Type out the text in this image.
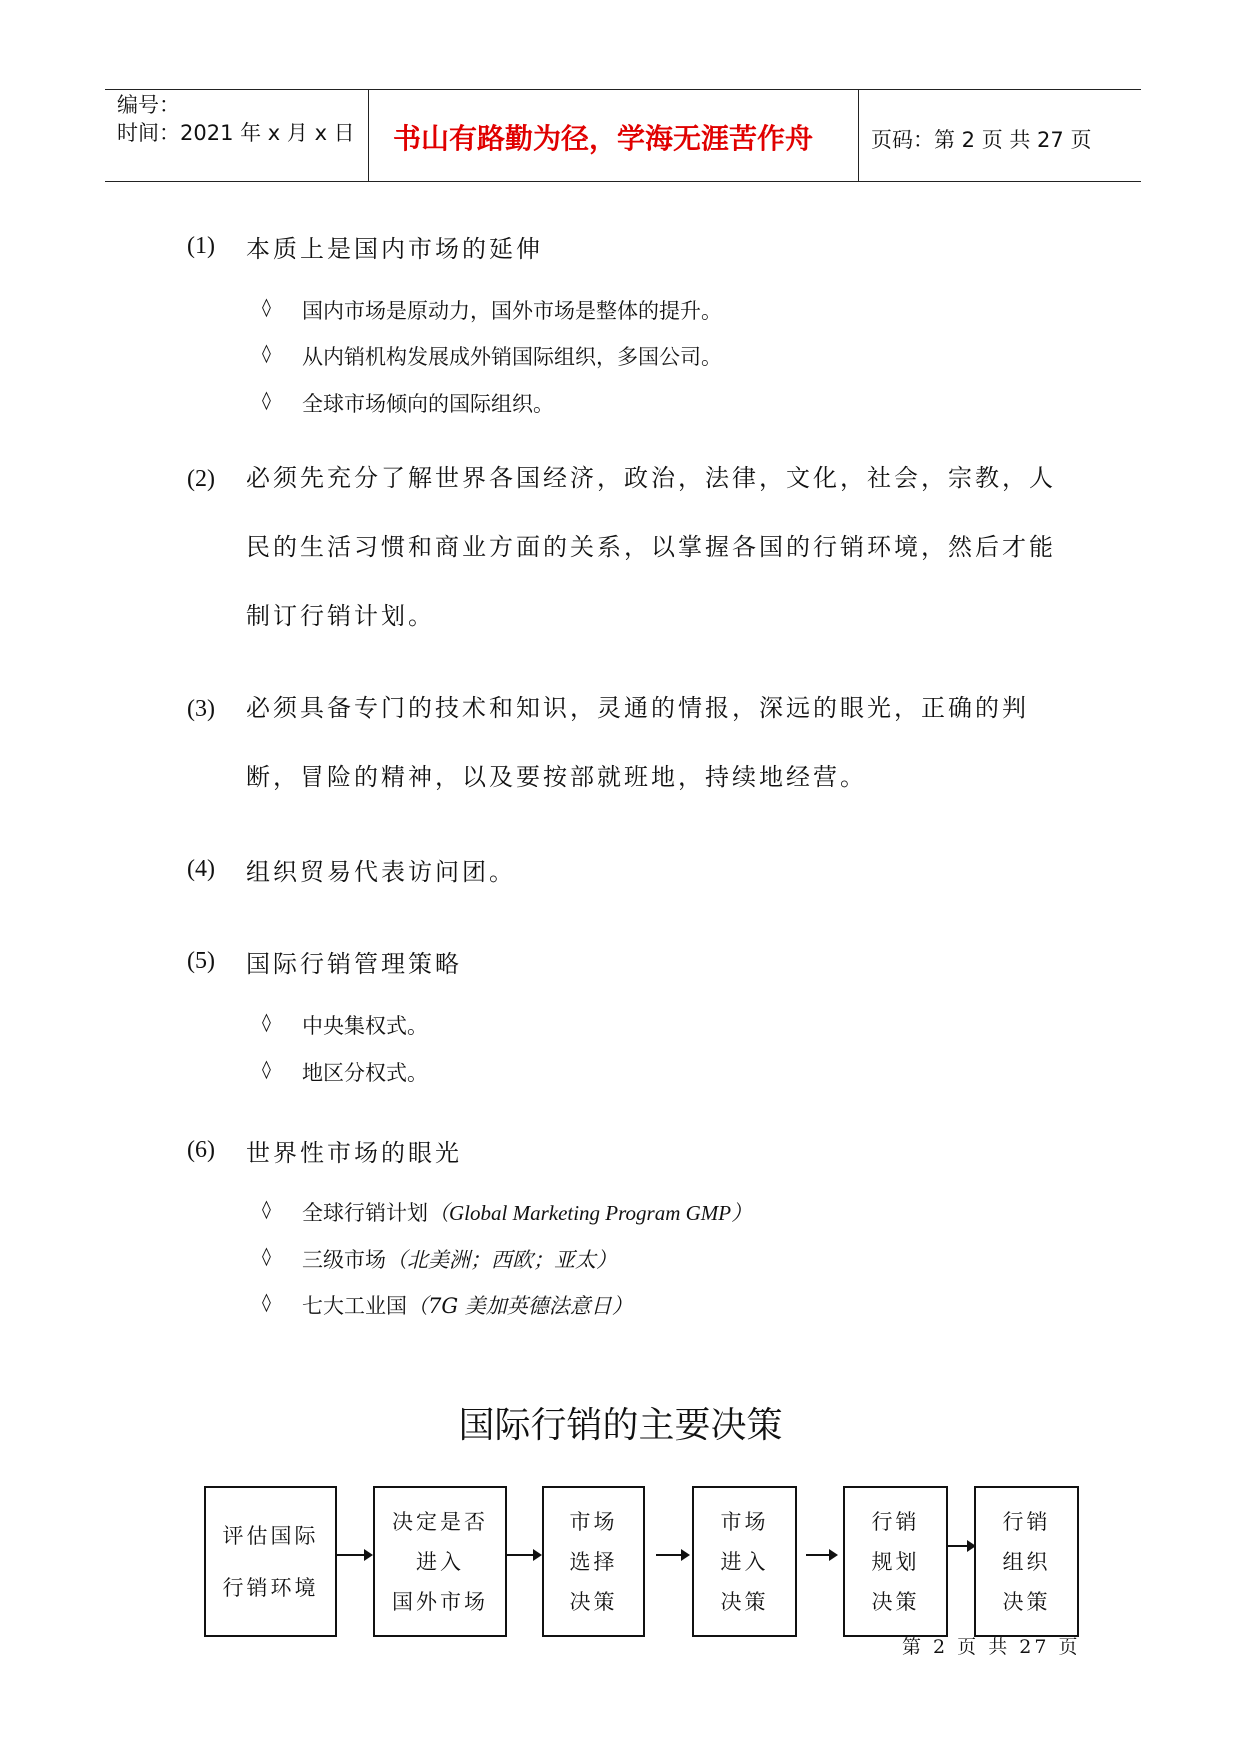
编号：
时间：2021 年 x 月 x 日 书山有路勤为径，学海无涯苦作舟	页码：第 2 页 共 27 页
(1) 本质上是国内市场的延伸
◊ 国内市场是原动力，国外市场是整体的提升。
◊ 从内销机构发展成外销国际组织，多国公司。
◊ 全球市场倾向的国际组织。
(2) 必须先充分了解世界各国经济，政治，法律，文化，社会，宗教，人民的生活习惯和商业方面的关系，以掌握各国的行销环境，然后才能制订行销计划。
(3) 必须具备专门的技术和知识，灵通的情报，深远的眼光，正确的判断，冒险的精神，以及要按部就班地，持续地经营。
(4) 组织贸易代表访问团。
(5) 国际行销管理策略
◊ 中央集权式。
◊ 地区分权式。
(6) 世界性市场的眼光
◊ 全球行销计划（Global Marketing Program GMP）
◊ 三级市场（北美洲；西欧；亚太）
◊ 七大工业国（7G 美加英德法意日）
国际行销的主要决策
评估国际
行销环境
决定是否
进入
国外市场
市场
选择
决策
市场
进入
决策
行销
规划
决策
行销
组织
决策
第 2 页 共 27 页
